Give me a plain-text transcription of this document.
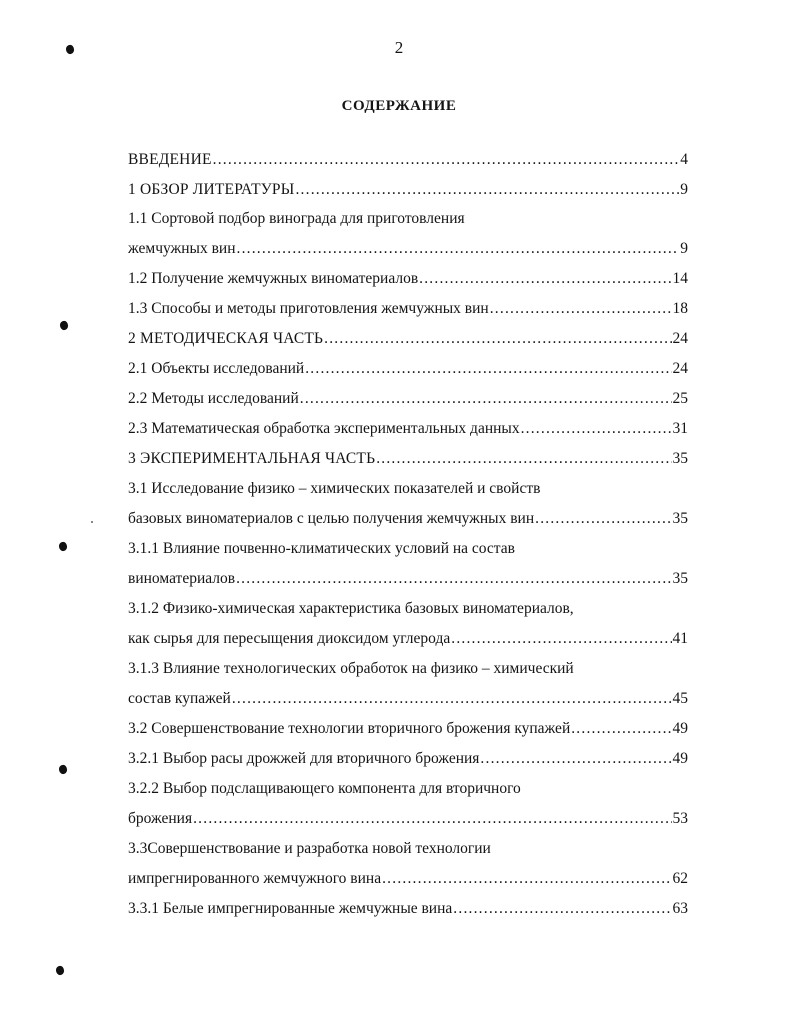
2
СОДЕРЖАНИЕ
ВВЕДЕНИЕ .....	4
1 ОБЗОР ЛИТЕРАТУРЫ .....	9
1.1 Сортовой подбор винограда для приготовления
жемчужных вин .....	9
1.2 Получение жемчужных виноматериалов .....	14
1.3 Способы и методы приготовления жемчужных вин .....	18
2 МЕТОДИЧЕСКАЯ ЧАСТЬ .....	24
2.1 Объекты исследований .....	24
2.2 Методы исследований .....	25
2.3 Математическая обработка экспериментальных данных .....	31
3 ЭКСПЕРИМЕНТАЛЬНАЯ ЧАСТЬ .....	35
3.1 Исследование физико – химических показателей и свойств
базовых виноматериалов с целью получения жемчужных вин .....	35
3.1.1 Влияние почвенно-климатических условий на состав
виноматериалов .....	35
3.1.2 Физико-химическая характеристика базовых виноматериалов,
как сырья для пересыщения диоксидом углерода .....	41
3.1.3 Влияние технологических обработок на физико – химический
состав купажей .....	45
3.2 Совершенствование технологии вторичного брожения купажей .....	49
3.2.1 Выбор расы дрожжей для вторичного брожения .....	49
3.2.2 Выбор подслащивающего компонента для вторичного
брожения .....	53
3.3Совершенствование и разработка новой технологии
импрегнированного жемчужного вина .....	62
3.3.1 Белые импрегнированные жемчужные вина .....	63
